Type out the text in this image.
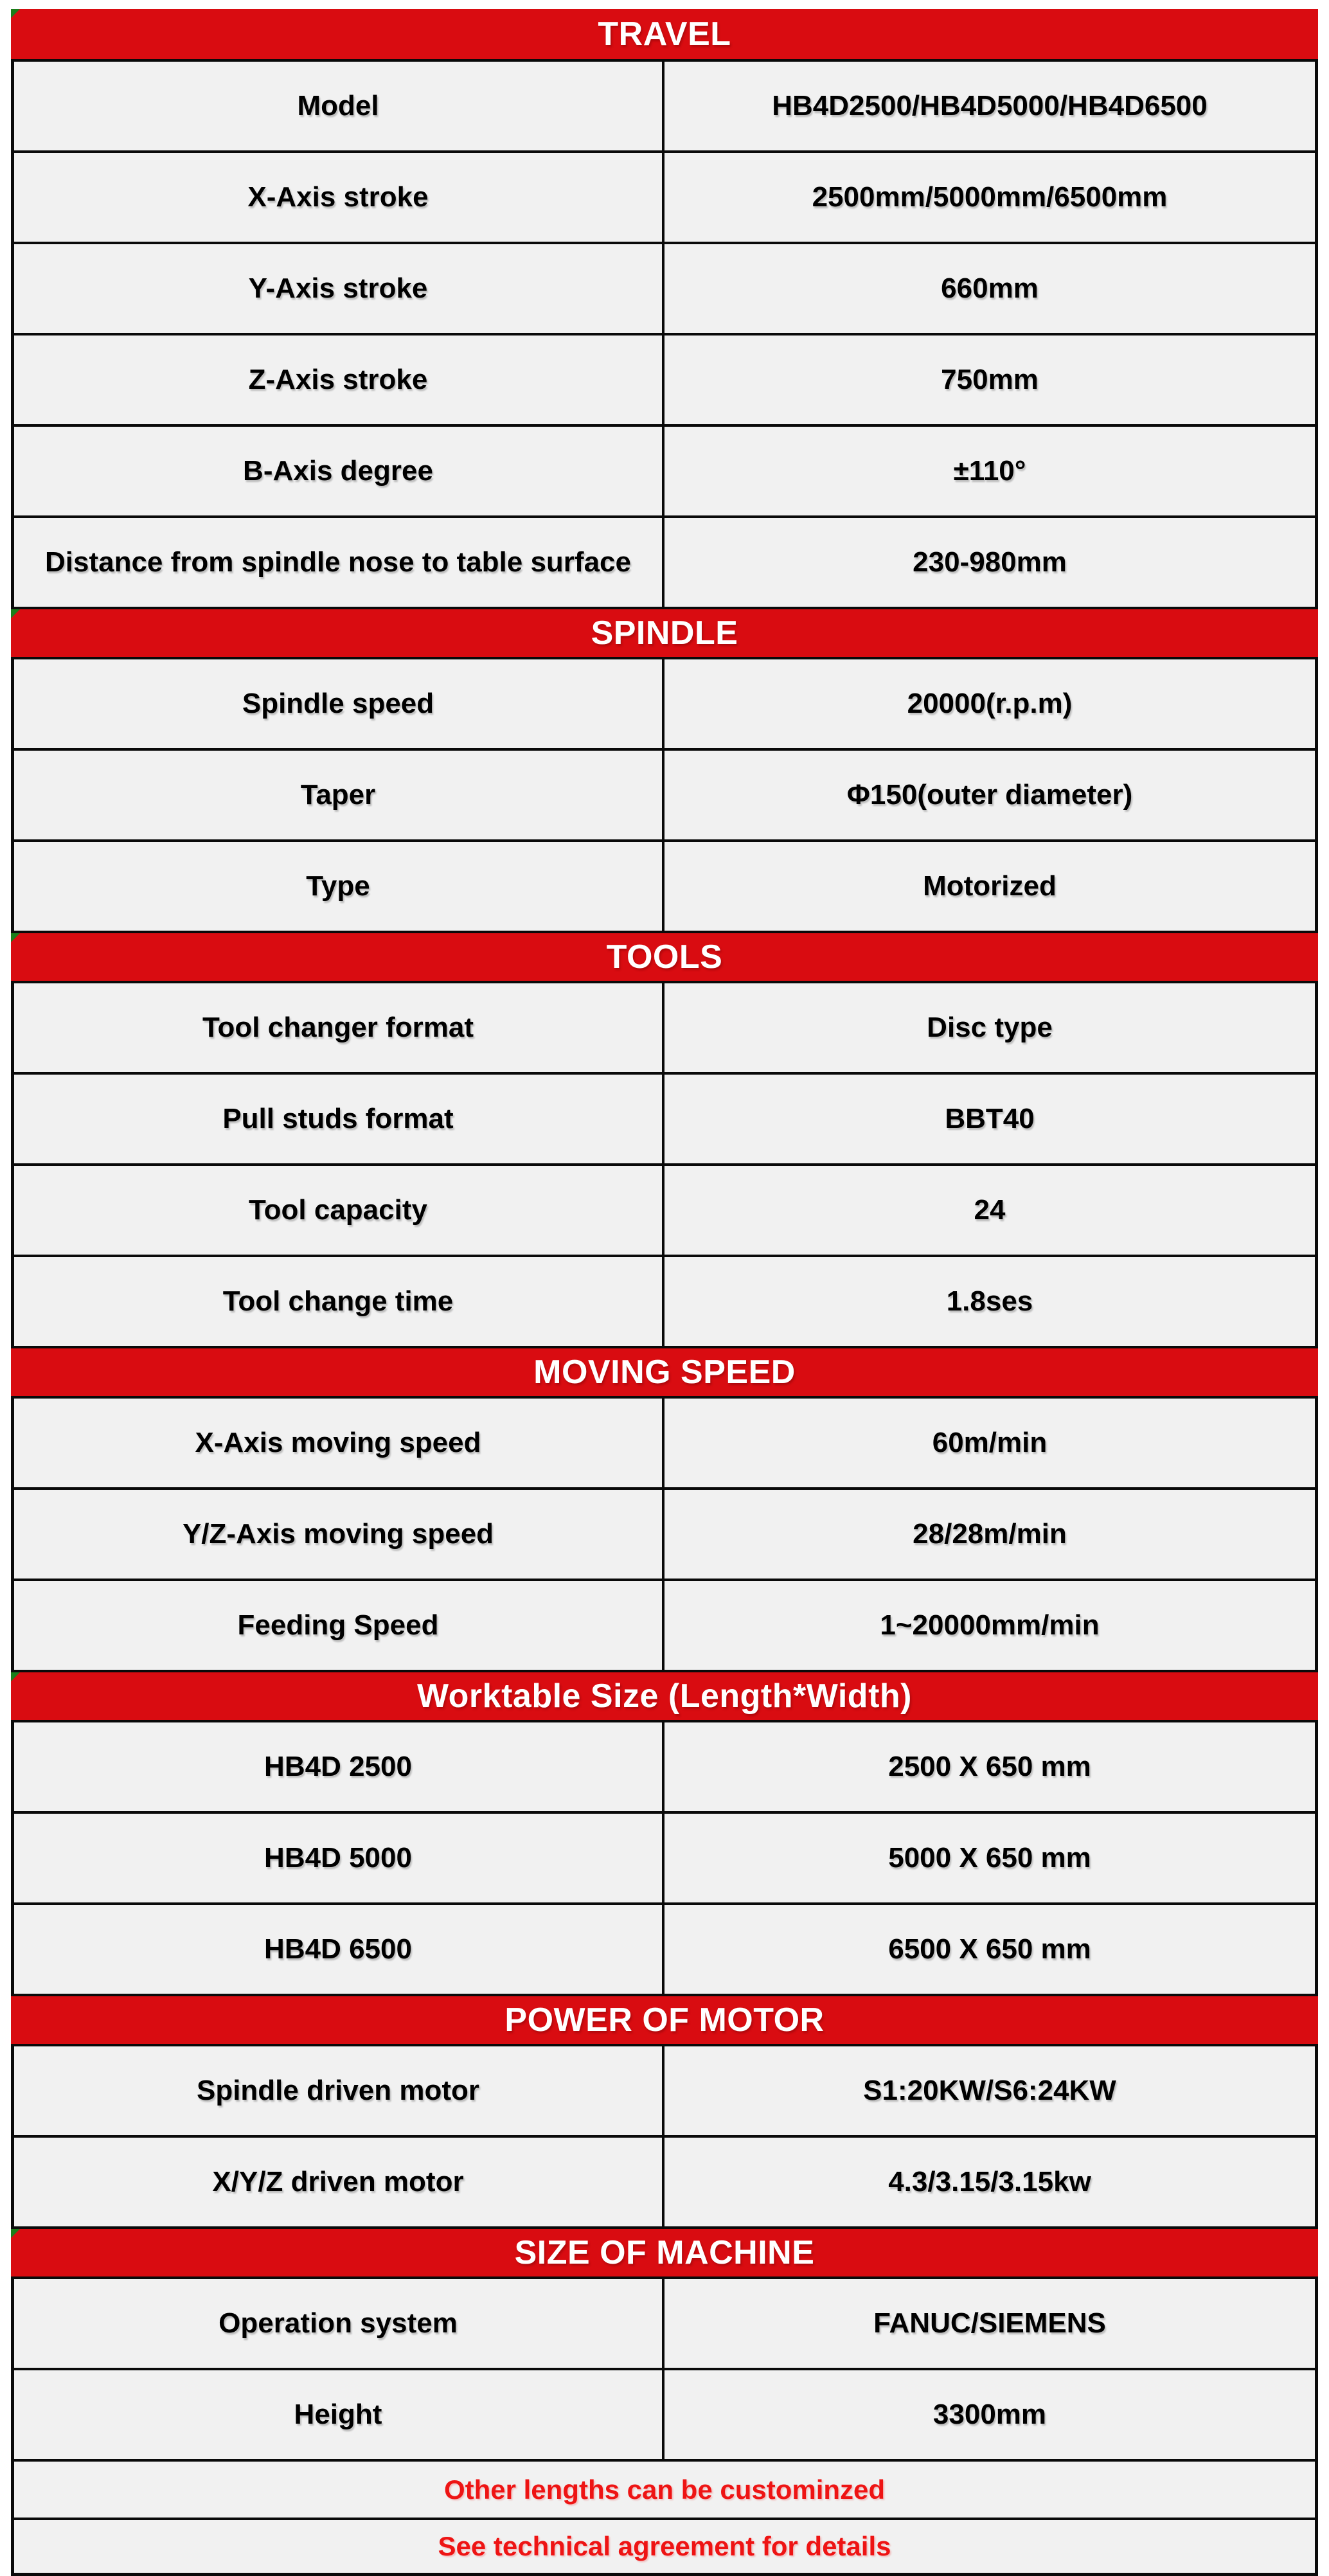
TRAVEL
Model	HB4D2500/HB4D5000/HB4D6500
X-Axis stroke	2500mm/5000mm/6500mm
Y-Axis stroke	660mm
Z-Axis stroke	750mm
B-Axis degree	±110°
Distance from spindle nose to table surface	230-980mm
SPINDLE
Spindle speed	20000(r.p.m)
Taper	Φ150(outer diameter)
Type	Motorized
TOOLS
Tool changer format	Disc type
Pull studs format	BBT40
Tool capacity	24
Tool change time	1.8ses
MOVING SPEED
X-Axis moving speed	60m/min
Y/Z-Axis moving speed	28/28m/min
Feeding Speed	1~20000mm/min
Worktable Size (Length*Width)
HB4D 2500	2500 X 650 mm
HB4D 5000	5000 X 650 mm
HB4D 6500	6500 X 650 mm
POWER OF MOTOR
Spindle driven motor	S1:20KW/S6:24KW
X/Y/Z driven motor	4.3/3.15/3.15kw
SIZE OF MACHINE
Operation system	FANUC/SIEMENS
Height	3300mm
Other lengths can be custominzed
See technical agreement for details
